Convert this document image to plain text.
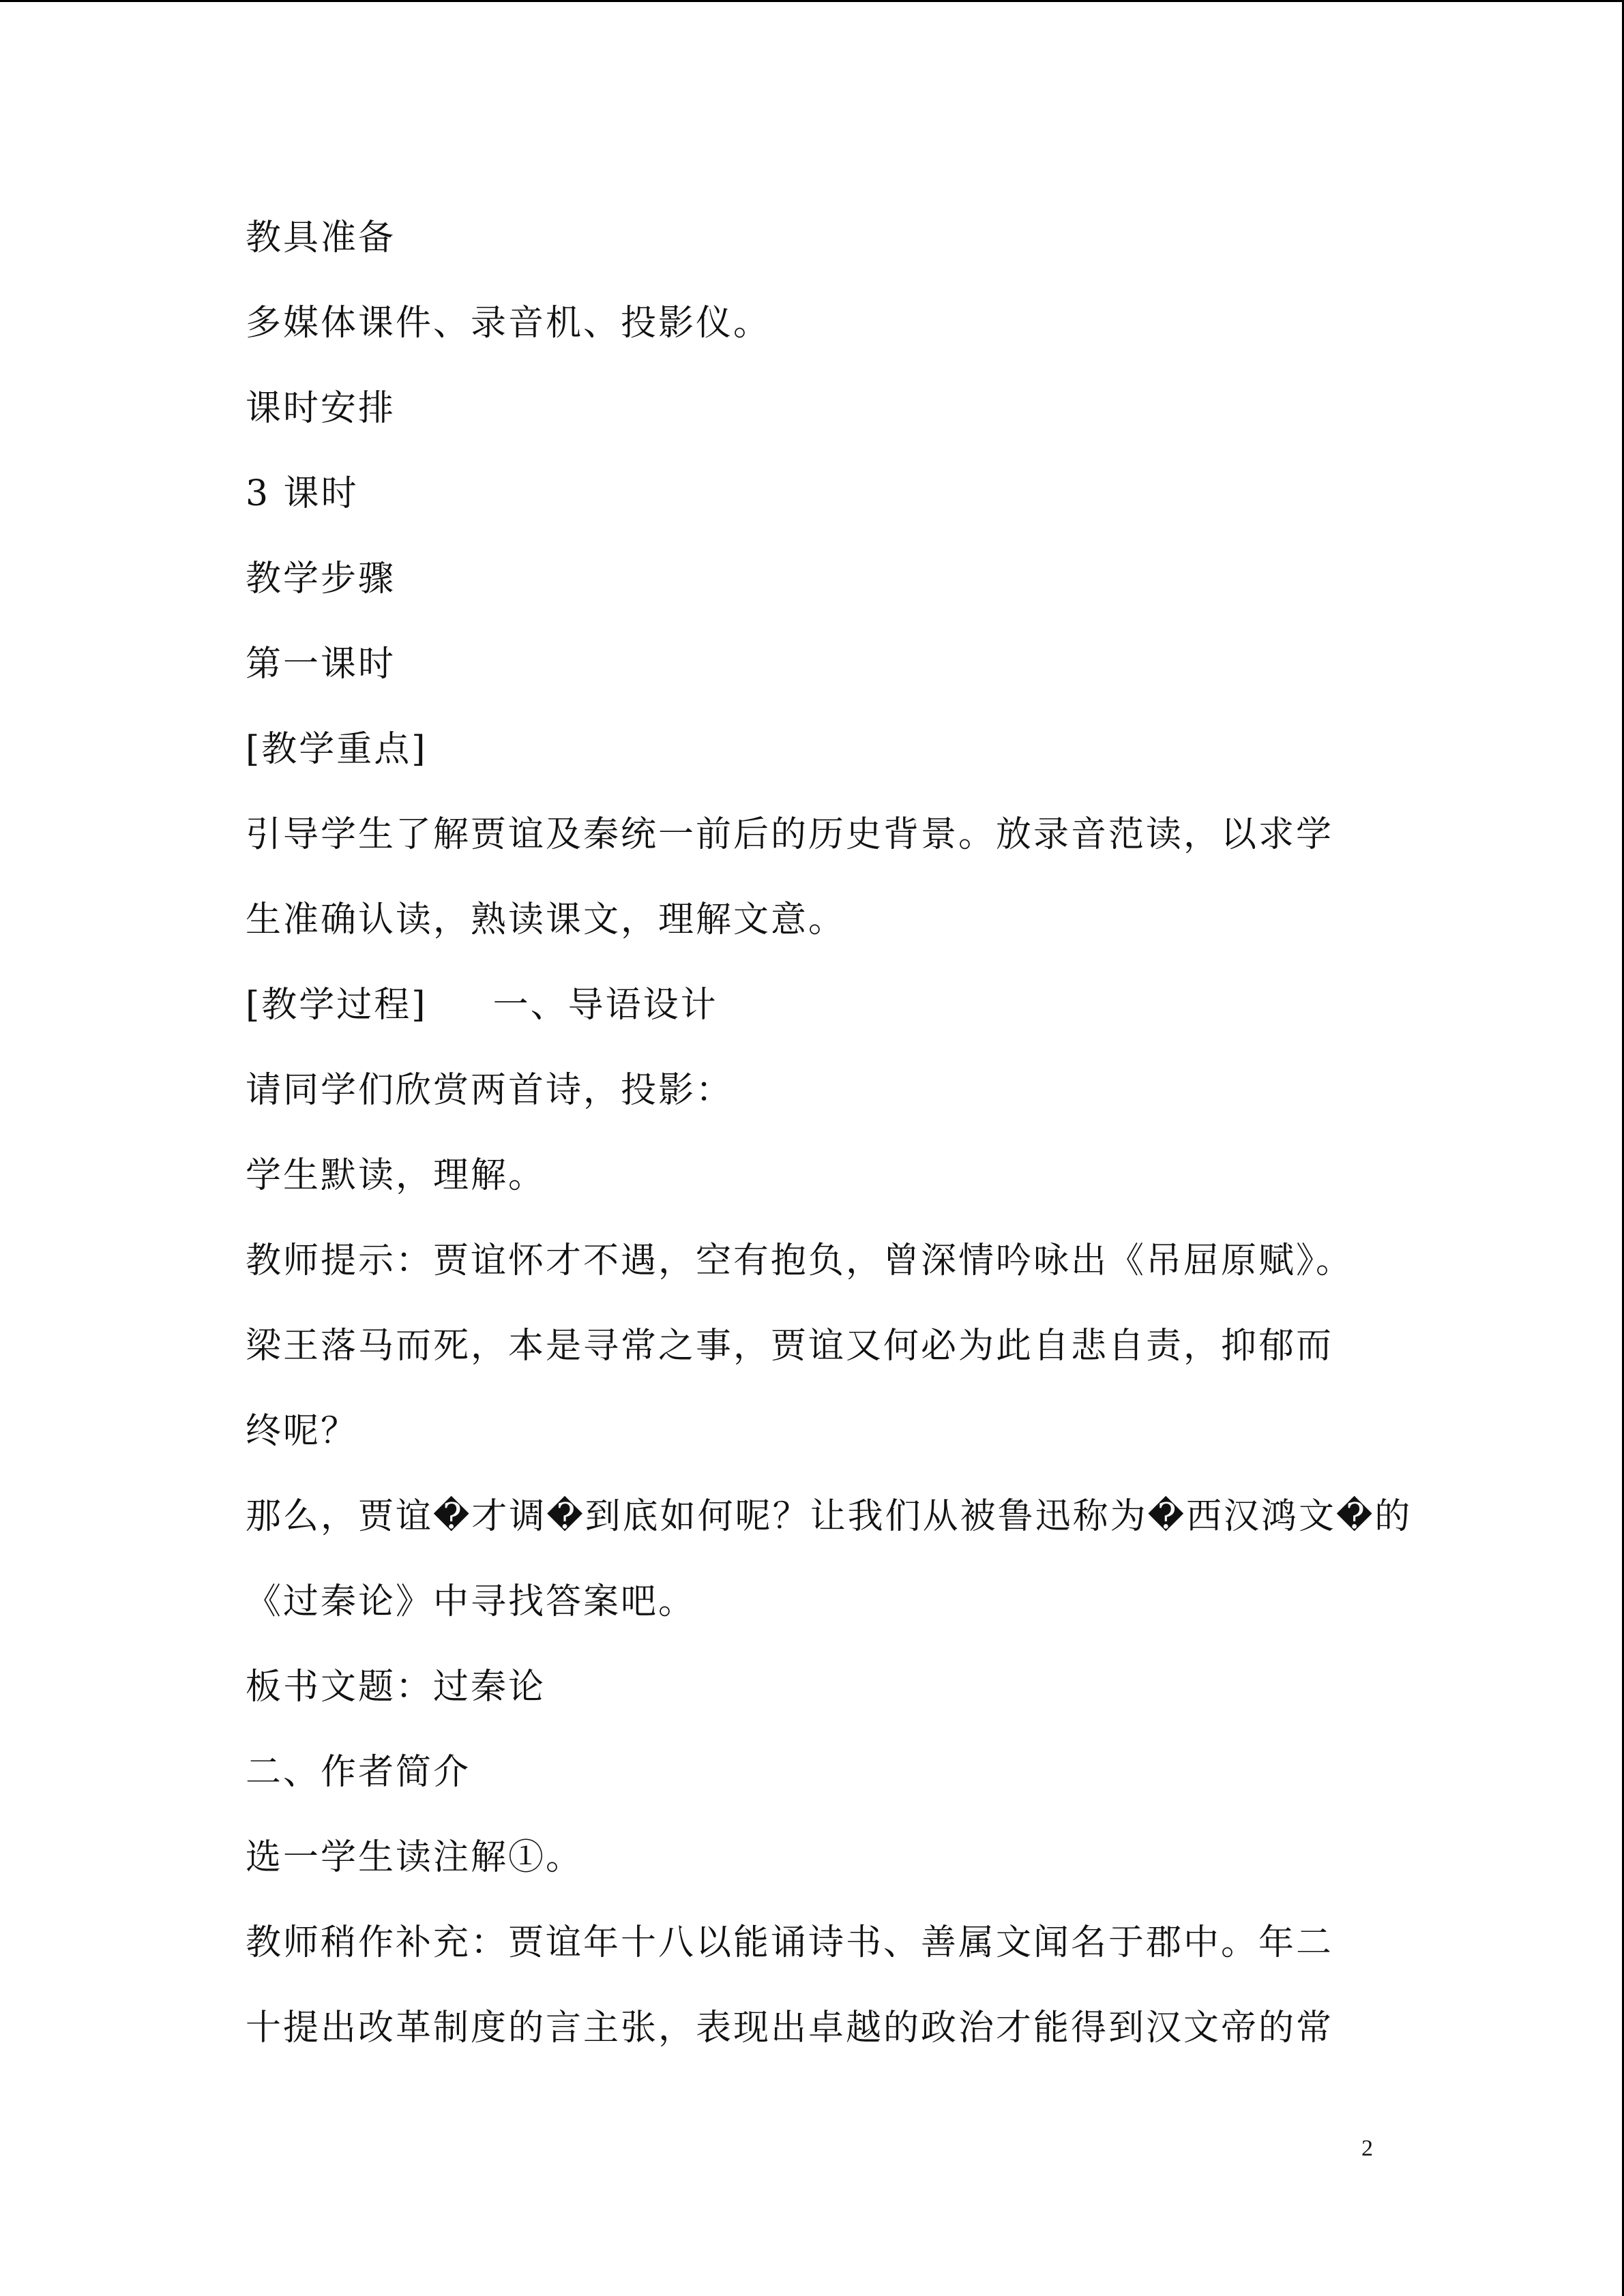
教具准备
多媒体课件、录音机、投影仪。
课时安排
3 课时
教学步骤
第一课时
[教学重点]
引导学生了解贾谊及秦统一前后的历史背景。放录音范读，以求学
生准确认读，熟读课文，理解文意。
[教学过程] 一、导语设计
请同学们欣赏两首诗，投影：
学生默读，理解。
教师提示：贾谊怀才不遇，空有抱负，曾深情吟咏出《吊屈原赋》。
梁王落马而死，本是寻常之事，贾谊又何必为此自悲自责，抑郁而
终呢？
那么，贾谊�才调�到底如何呢？让我们从被鲁迅称为�西汉鸿文�的
《过秦论》中寻找答案吧。
板书文题：过秦论
二、作者简介
选一学生读注解①。
教师稍作补充：贾谊年十八以能诵诗书、善属文闻名于郡中。年二
十提出改革制度的言主张，表现出卓越的政治才能得到汉文帝的常
2
